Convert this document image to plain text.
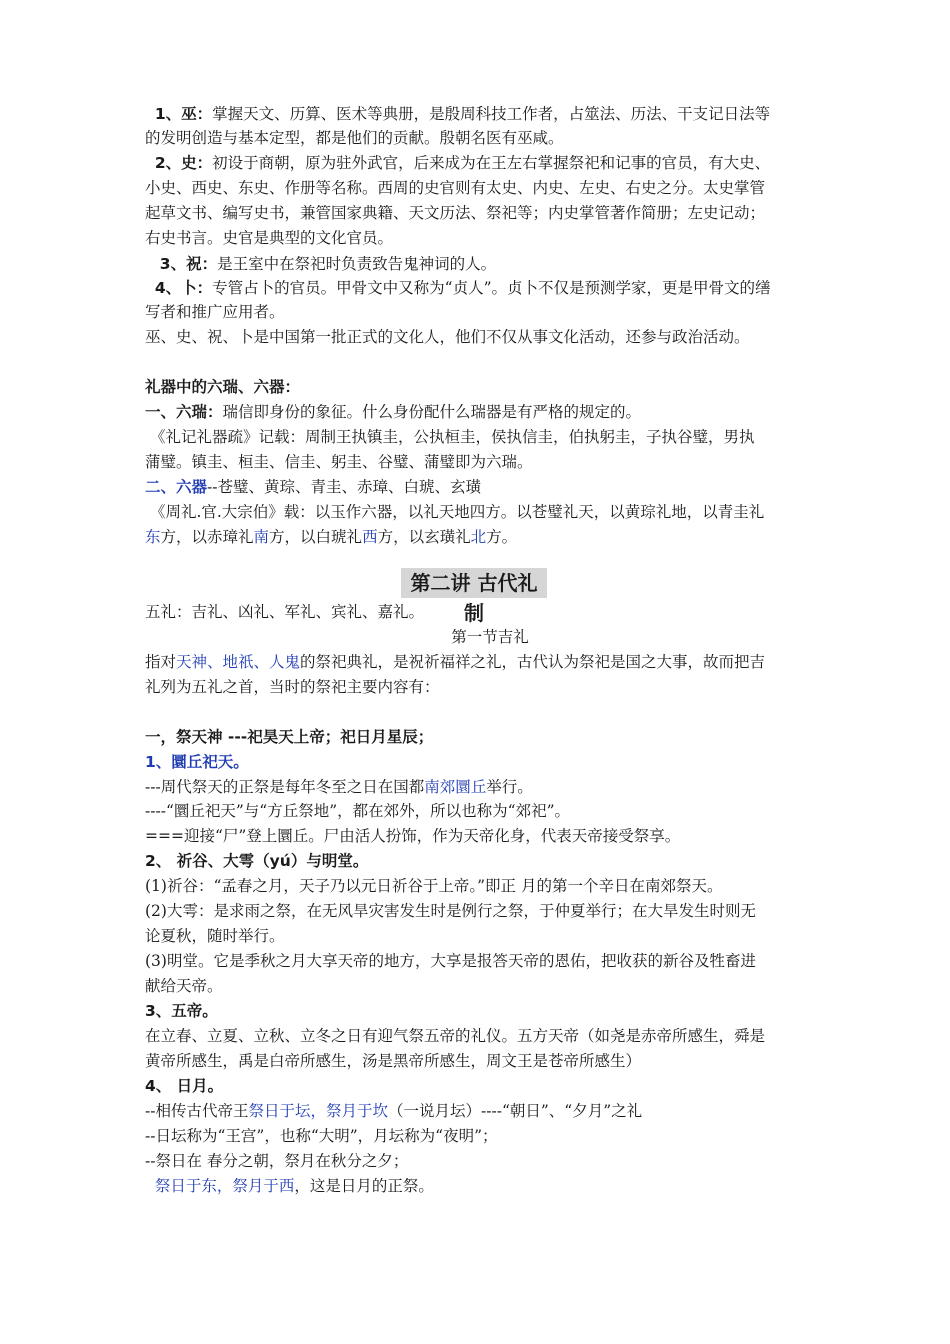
1、巫：掌握天文、历算、医术等典册，是殷周科技工作者，占筮法、历法、干支记日法等
的发明创造与基本定型，都是他们的贡献。殷朝名医有巫咸。
2、史：初设于商朝，原为驻外武官，后来成为在王左右掌握祭祀和记事的官员，有大史、
小史、西史、东史、作册等名称。西周的史官则有太史、内史、左史、右史之分。太史掌管
起草文书、编写史书，兼管国家典籍、天文历法、祭祀等；内史掌管著作简册；左史记动；
右史书言。史官是典型的文化官员。
3、祝：是王室中在祭祀时负责致告鬼神词的人。
4、卜：专管占卜的官员。甲骨文中又称为“贞人”。贞卜不仅是预测学家，更是甲骨文的缮
写者和推广应用者。
巫、史、祝、卜是中国第一批正式的文化人，他们不仅从事文化活动，还参与政治活动。
礼器中的六瑞、六器：
一、六瑞：瑞信即身份的象征。什么身份配什么瑞器是有严格的规定的。
《礼记礼器疏》记载：周制王执镇圭，公执桓圭，侯执信圭，伯执躬圭，子执谷璧，男执
蒲璧。镇圭、桓圭、信圭、躬圭、谷璧、蒲璧即为六瑞。
二、六器--苍璧、黄琮、青圭、赤璋、白琥、玄璜
《周礼.官.大宗伯》载：以玉作六器，以礼天地四方。以苍璧礼天，以黄琮礼地，以青圭礼
东方，以赤璋礼南方，以白琥礼西方，以玄璜礼北方。
第二讲 古代礼制
五礼：吉礼、凶礼、军礼、宾礼、嘉礼。
第一节吉礼
指对天神、地祇、人鬼的祭祀典礼，是祝祈福祥之礼，古代认为祭祀是国之大事，故而把吉
礼列为五礼之首，当时的祭祀主要内容有：
一，祭天神 ---祀昊天上帝；祀日月星辰；
1、圜丘祀天。
---周代祭天的正祭是每年冬至之日在国都南郊圜丘举行。
----“圜丘祀天”与“方丘祭地”，都在郊外，所以也称为“郊祀”。
===迎接“尸”登上圜丘。尸由活人扮饰，作为天帝化身，代表天帝接受祭享。
2、 祈谷、大雩（yú）与明堂。
(1)祈谷：“孟春之月，天子乃以元日祈谷于上帝。”即正 月的第一个辛日在南郊祭天。
(2)大雩：是求雨之祭，在无风旱灾害发生时是例行之祭，于仲夏举行；在大旱发生时则无
论夏秋，随时举行。
(3)明堂。它是季秋之月大享天帝的地方，大享是报答天帝的恩佑，把收获的新谷及牲畜进
献给天帝。
3、五帝。
在立春、立夏、立秋、立冬之日有迎气祭五帝的礼仪。五方天帝（如尧是赤帝所感生，舜是
黄帝所感生，禹是白帝所感生，汤是黑帝所感生，周文王是苍帝所感生）
4、 日月。
--相传古代帝王祭日于坛，祭月于坎（一说月坛）----“朝日”、“夕月”之礼
--日坛称为“王宫”，也称“大明”，月坛称为“夜明”；
--祭日在 春分之朝，祭月在秋分之夕；
祭日于东，祭月于西，这是日月的正祭。
